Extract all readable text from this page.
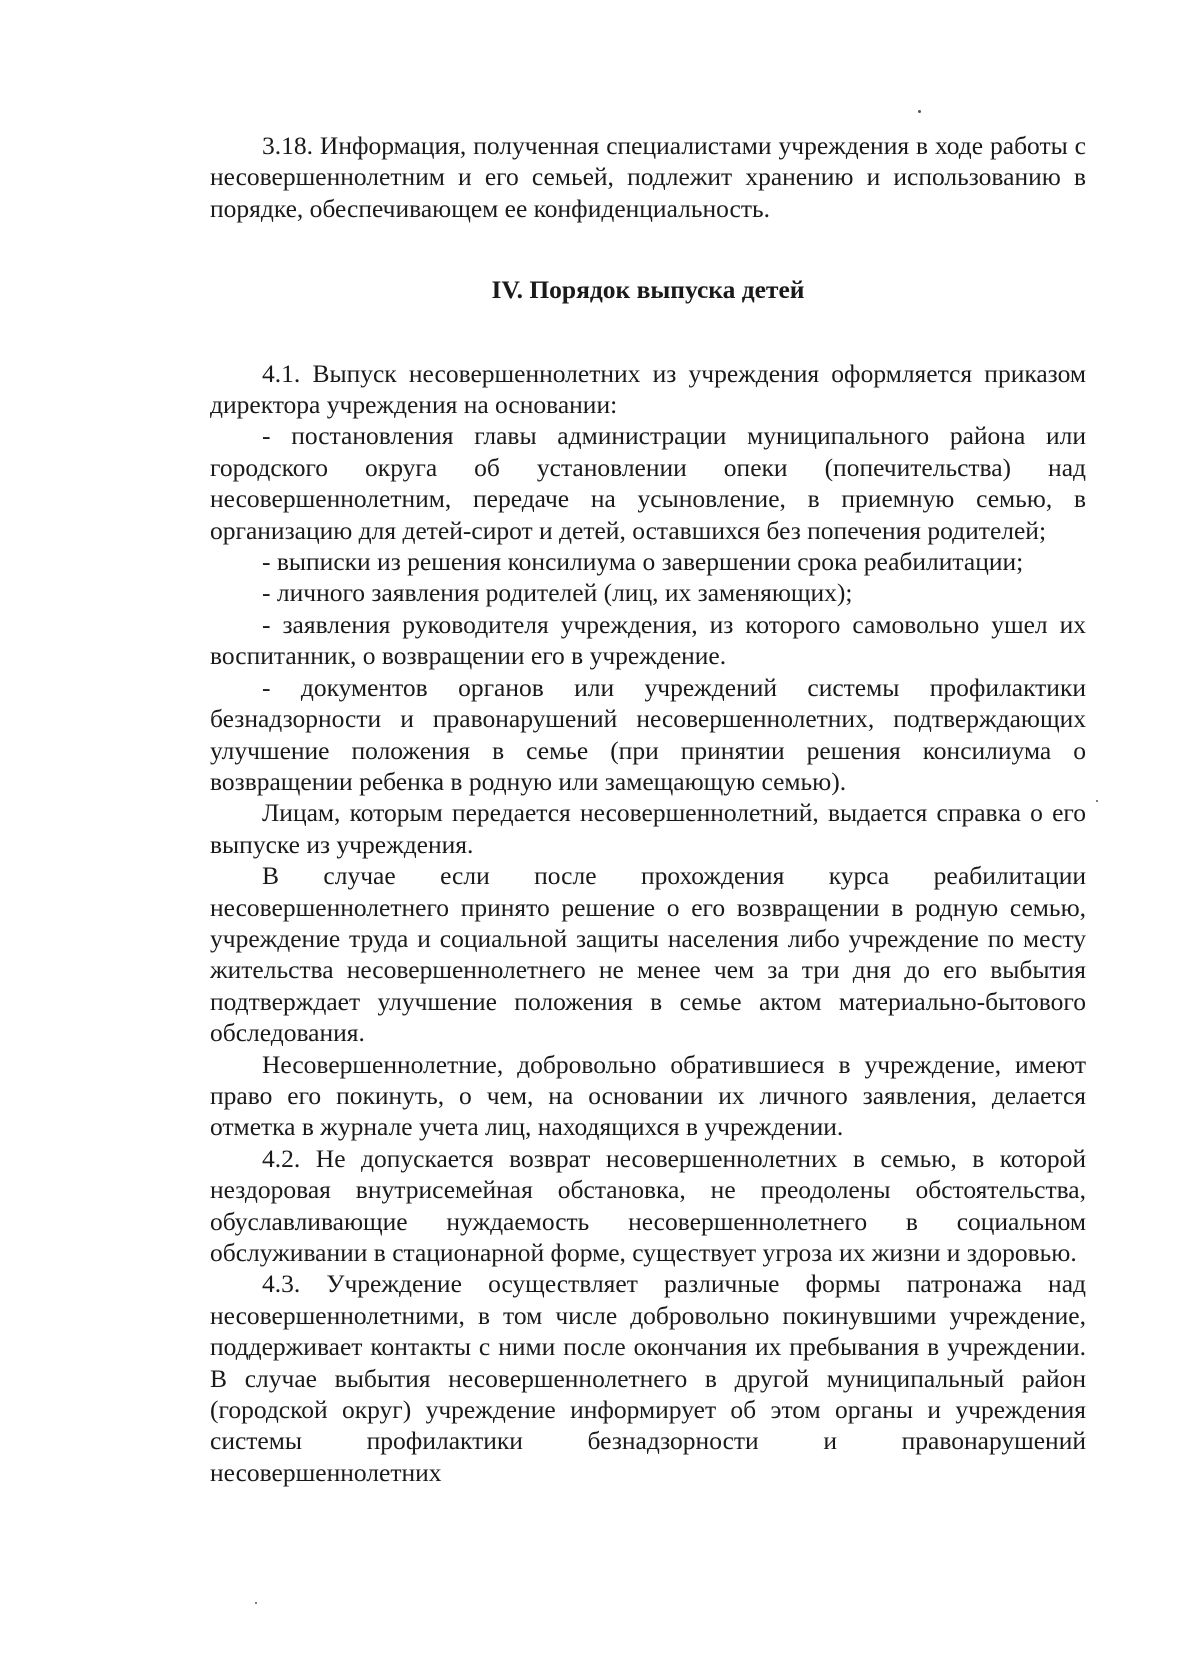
3.18. Информация, полученная специалистами учреждения в ходе работы с несовершеннолетним и его семьей, подлежит хранению и использованию в порядке, обеспечивающем ее конфиденциальность.

IV. Порядок выпуска детей

4.1. Выпуск несовершеннолетних из учреждения оформляется приказом директора учреждения на основании:

- постановления главы администрации муниципального района или городского округа об установлении опеки (попечительства) над несовершеннолетним, передаче на усыновление, в приемную семью, в организацию для детей-сирот и детей, оставшихся без попечения родителей;

- выписки из решения консилиума о завершении срока реабилитации;

- личного заявления родителей (лиц, их заменяющих);

- заявления руководителя учреждения, из которого самовольно ушел их воспитанник, о возвращении его в учреждение.

- документов органов или учреждений системы профилактики безнадзорности и правонарушений несовершеннолетних, подтверждающих улучшение положения в семье (при принятии решения консилиума о возвращении ребенка в родную или замещающую семью).

Лицам, которым передается несовершеннолетний, выдается справка о его выпуске из учреждения.

В случае если после прохождения курса реабилитации несовершеннолетнего принято решение о его возвращении в родную семью, учреждение труда и социальной защиты населения либо учреждение по месту жительства несовершеннолетнего не менее чем за три дня до его выбытия подтверждает улучшение положения в семье актом материально-бытового обследования.

Несовершеннолетние, добровольно обратившиеся в учреждение, имеют право его покинуть, о чем, на основании их личного заявления, делается отметка в журнале учета лиц, находящихся в учреждении.

4.2. Не допускается возврат несовершеннолетних в семью, в которой нездоровая внутрисемейная обстановка, не преодолены обстоятельства, обуславливающие нуждаемость несовершеннолетнего в социальном обслуживании в стационарной форме, существует угроза их жизни и здоровью.

4.3. Учреждение осуществляет различные формы патронажа над несовершеннолетними, в том числе добровольно покинувшими учреждение, поддерживает контакты с ними после окончания их пребывания в учреждении. В случае выбытия несовершеннолетнего в другой муниципальный район (городской округ) учреждение информирует об этом органы и учреждения системы профилактики безнадзорности и правонарушений несовершеннолетних
